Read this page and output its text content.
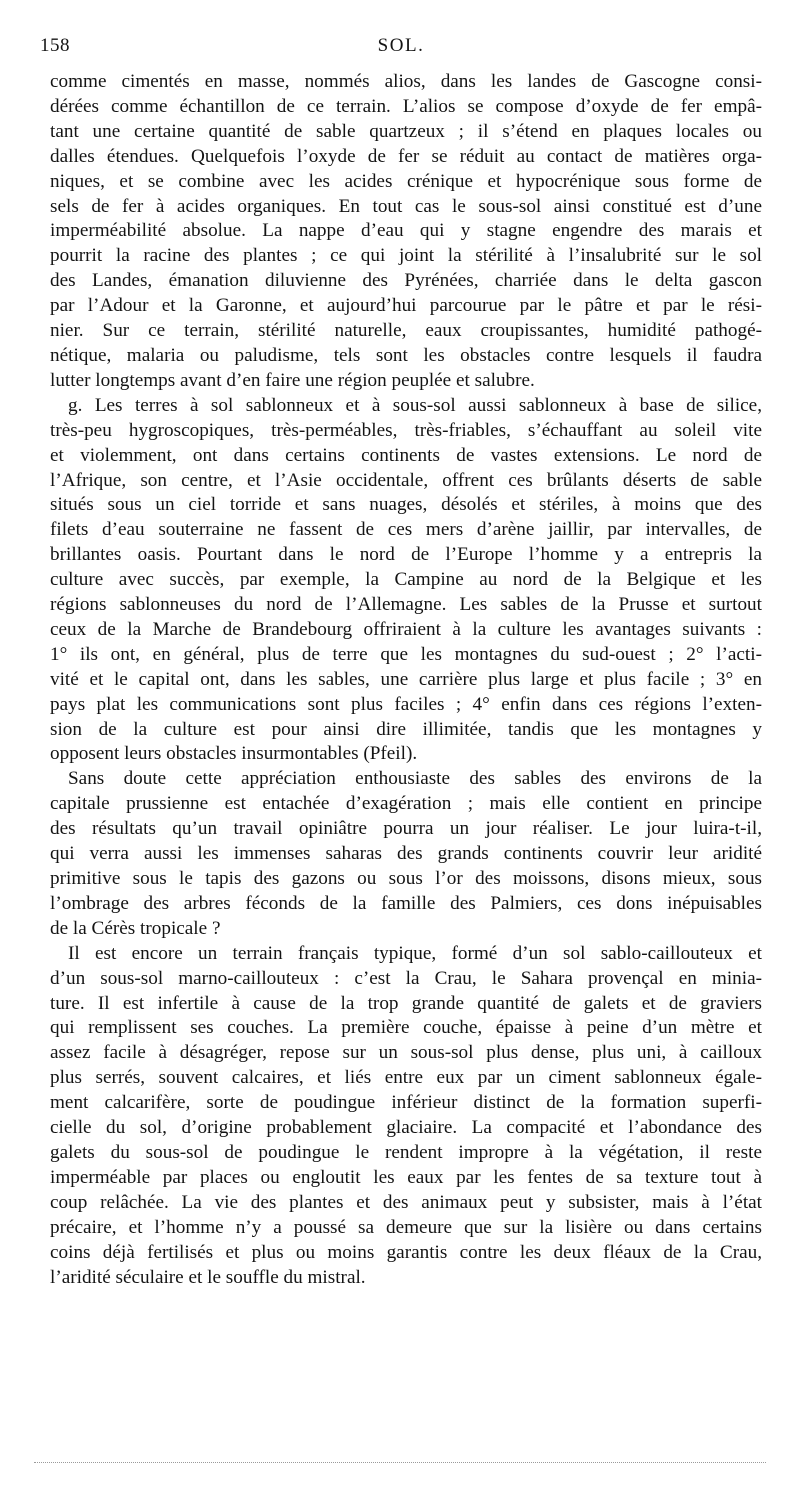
158	SOL.
comme cimentés en masse, nommés alios, dans les landes de Gascogne consi-
dérées comme échantillon de ce terrain. L’alios se compose d’oxyde de fer empâ-
tant une certaine quantité de sable quartzeux ; il s’étend en plaques locales ou
dalles étendues. Quelquefois l’oxyde de fer se réduit au contact de matières orga-
niques, et se combine avec les acides crénique et hypocrénique sous forme de
sels de fer à acides organiques. En tout cas le sous-sol ainsi constitué est d’une
imperméabilité absolue. La nappe d’eau qui y stagne engendre des marais et
pourrit la racine des plantes ; ce qui joint la stérilité à l’insalubrité sur le sol
des Landes, émanation diluvienne des Pyrénées, charriée dans le delta gascon
par l’Adour et la Garonne, et aujourd’hui parcourue par le pâtre et par le rési-
nier. Sur ce terrain, stérilité naturelle, eaux croupissantes, humidité pathogé-
nétique, malaria ou paludisme, tels sont les obstacles contre lesquels il faudra
lutter longtemps avant d’en faire une région peuplée et salubre.
g. Les terres à sol sablonneux et à sous-sol aussi sablonneux à base de silice,
très-peu hygroscopiques, très-perméables, très-friables, s’échauffant au soleil vite
et violemment, ont dans certains continents de vastes extensions. Le nord de
l’Afrique, son centre, et l’Asie occidentale, offrent ces brûlants déserts de sable
situés sous un ciel torride et sans nuages, désolés et stériles, à moins que des
filets d’eau souterraine ne fassent de ces mers d’arène jaillir, par intervalles, de
brillantes oasis. Pourtant dans le nord de l’Europe l’homme y a entrepris la
culture avec succès, par exemple, la Campine au nord de la Belgique et les
régions sablonneuses du nord de l’Allemagne. Les sables de la Prusse et surtout
ceux de la Marche de Brandebourg offriraient à la culture les avantages suivants :
1° ils ont, en général, plus de terre que les montagnes du sud-ouest ; 2° l’acti-
vité et le capital ont, dans les sables, une carrière plus large et plus facile ; 3° en
pays plat les communications sont plus faciles ; 4° enfin dans ces régions l’exten-
sion de la culture est pour ainsi dire illimitée, tandis que les montagnes y
opposent leurs obstacles insurmontables (Pfeil).
Sans doute cette appréciation enthousiaste des sables des environs de la
capitale prussienne est entachée d’exagération ; mais elle contient en principe
des résultats qu’un travail opiniâtre pourra un jour réaliser. Le jour luira-t-il,
qui verra aussi les immenses saharas des grands continents couvrir leur aridité
primitive sous le tapis des gazons ou sous l’or des moissons, disons mieux, sous
l’ombrage des arbres féconds de la famille des Palmiers, ces dons inépuisables
de la Cérès tropicale ?
Il est encore un terrain français typique, formé d’un sol sablo-caillouteux et
d’un sous-sol marno-caillouteux : c’est la Crau, le Sahara provençal en minia-
ture. Il est infertile à cause de la trop grande quantité de galets et de graviers
qui remplissent ses couches. La première couche, épaisse à peine d’un mètre et
assez facile à désagréger, repose sur un sous-sol plus dense, plus uni, à cailloux
plus serrés, souvent calcaires, et liés entre eux par un ciment sablonneux égale-
ment calcarifère, sorte de poudingue inférieur distinct de la formation superfi-
cielle du sol, d’origine probablement glaciaire. La compacité et l’abondance des
galets du sous-sol de poudingue le rendent impropre à la végétation, il reste
imperméable par places ou engloutit les eaux par les fentes de sa texture tout à
coup relâchée. La vie des plantes et des animaux peut y subsister, mais à l’état
précaire, et l’homme n’y a poussé sa demeure que sur la lisière ou dans certains
coins déjà fertilisés et plus ou moins garantis contre les deux fléaux de la Crau,
l’aridité séculaire et le souffle du mistral.
